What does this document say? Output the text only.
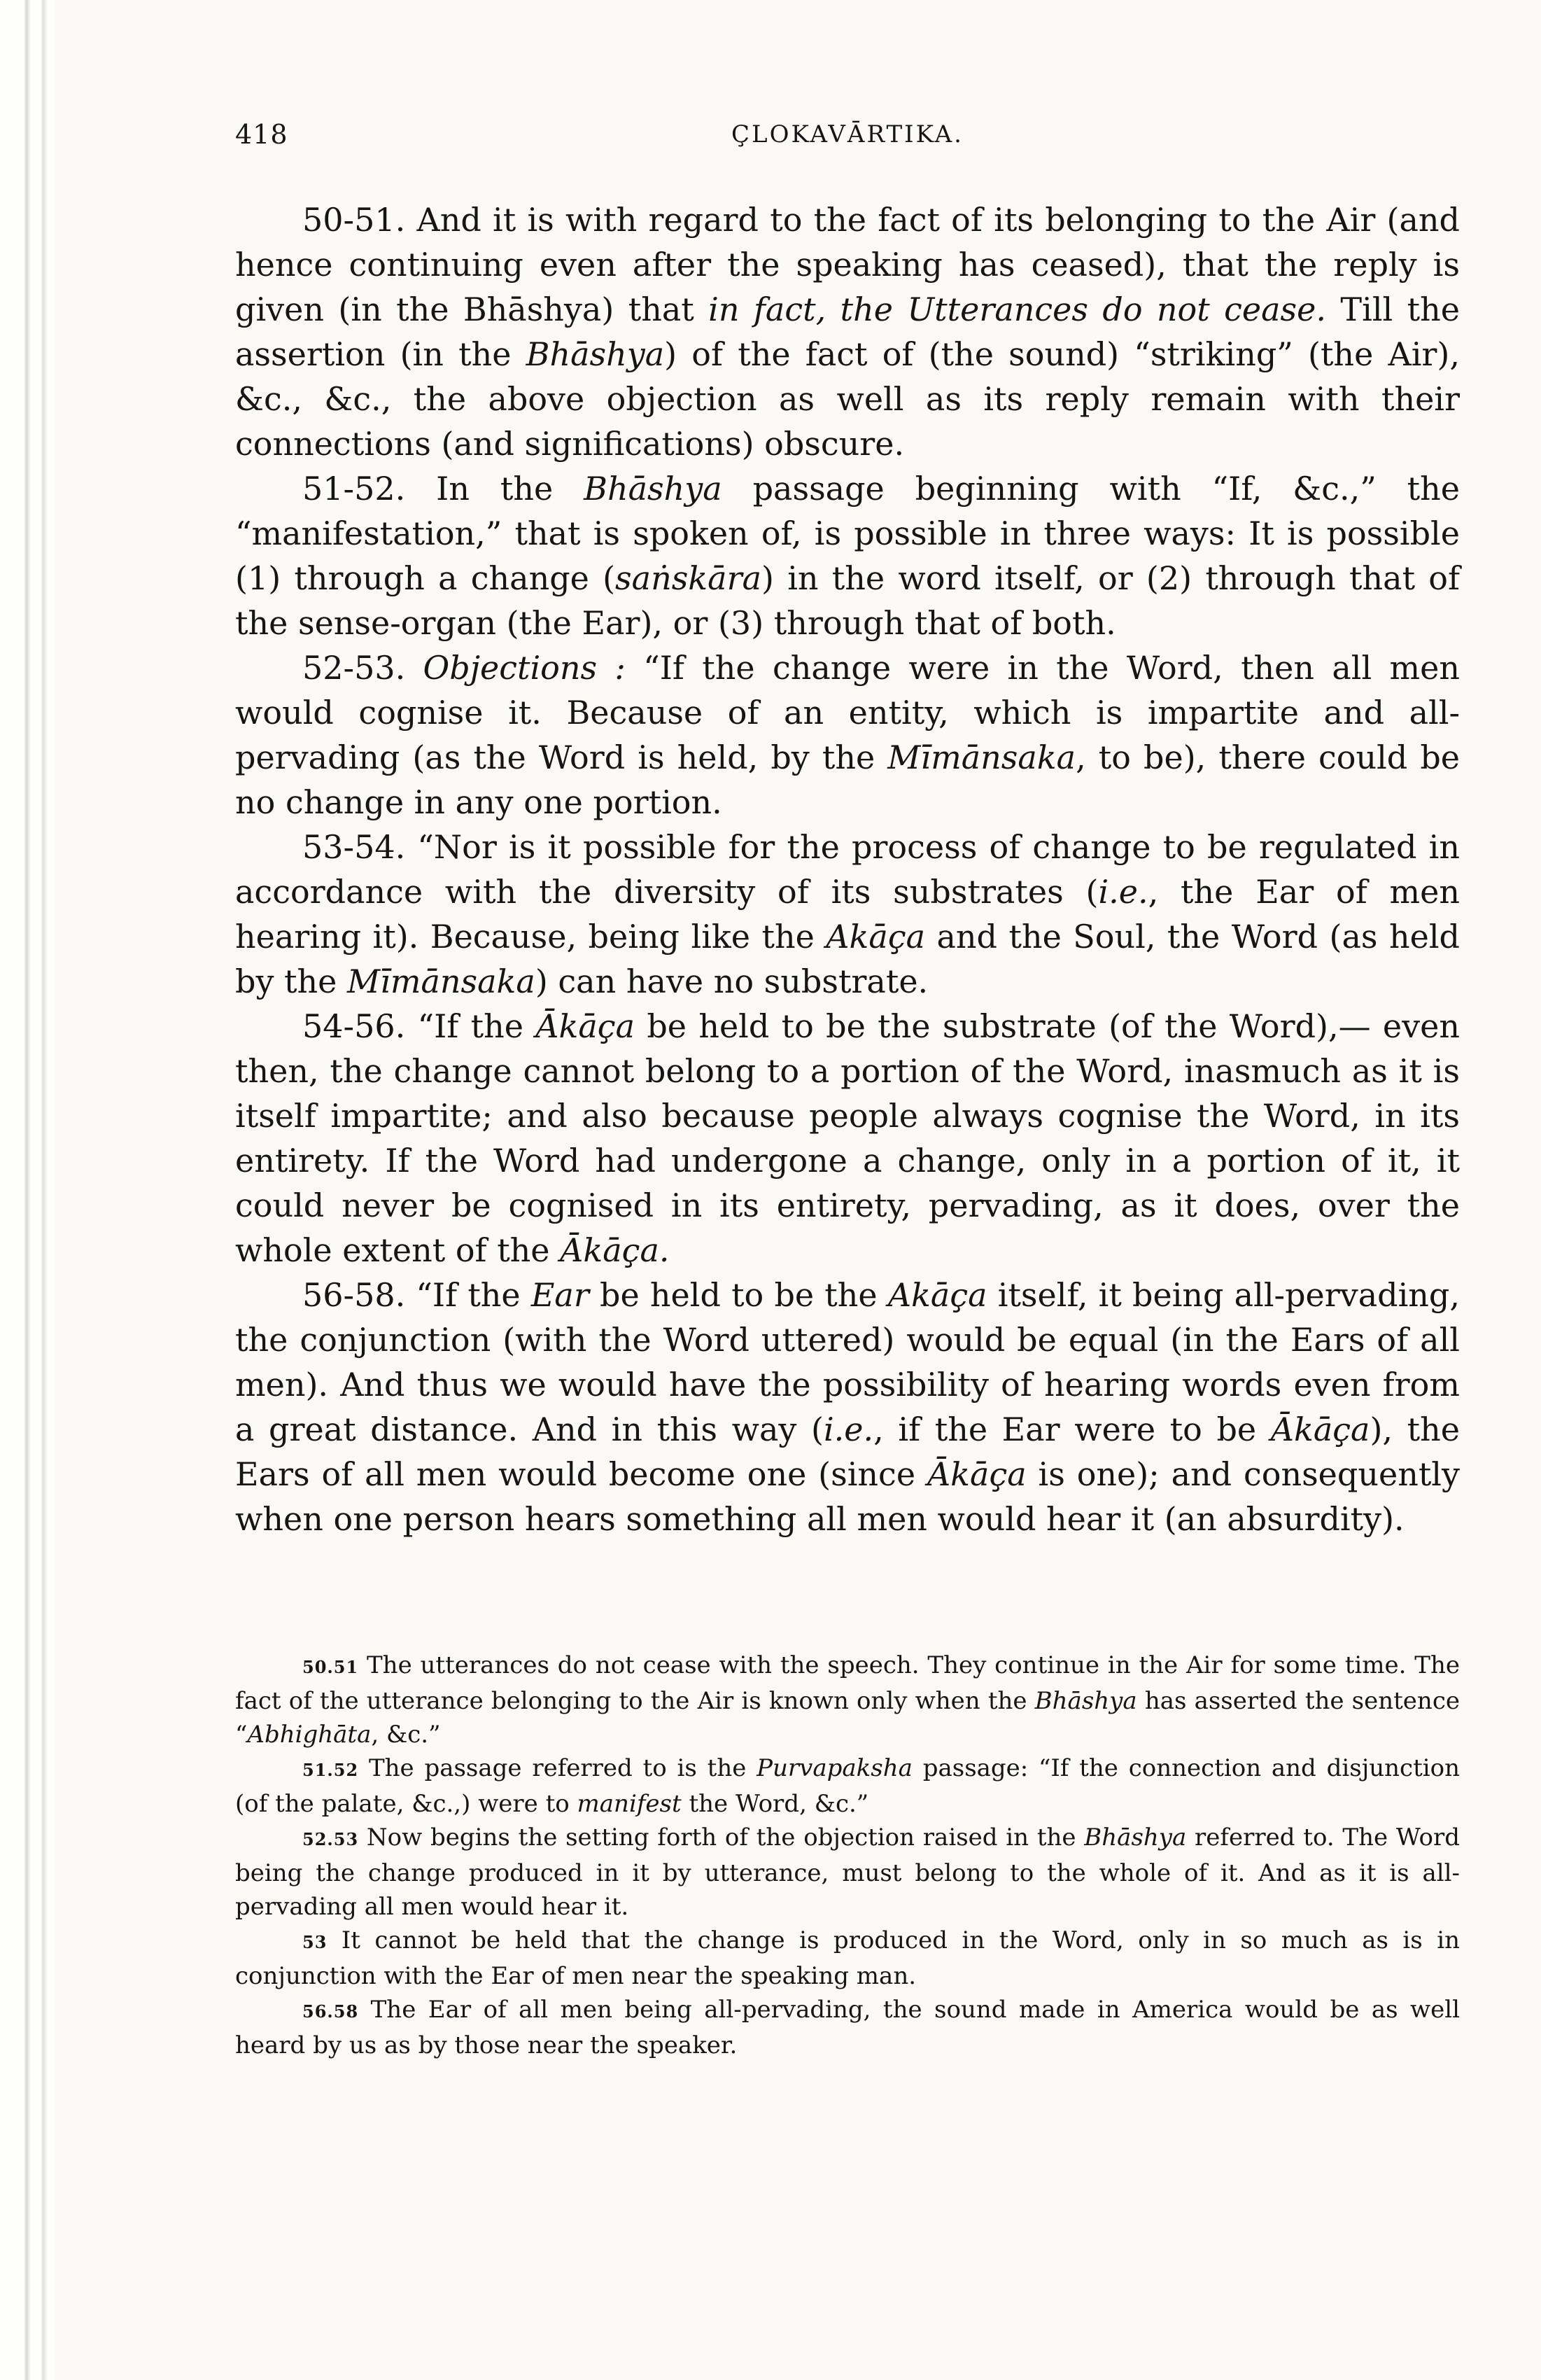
418	ÇLOKAVĀRTIKA.

50-51. And it is with regard to the fact of its belonging to the Air (and hence continuing even after the speaking has ceased), that the reply is given (in the Bhāshya) that in fact, the Utterances do not cease. Till the assertion (in the Bhāshya) of the fact of (the sound) “striking” (the Air), &c., &c., the above objection as well as its reply remain with their connections (and significations) obscure.

51-52. In the Bhāshya passage beginning with “If, &c.,” the “manifestation,” that is spoken of, is possible in three ways: It is possible (1) through a change (saṅskāra) in the word itself, or (2) through that of the sense-organ (the Ear), or (3) through that of both.

52-53. Objections : “If the change were in the Word, then all men would cognise it. Because of an entity, which is impartite and all-pervading (as the Word is held, by the Mīmānsaka, to be), there could be no change in any one portion.

53-54. “Nor is it possible for the process of change to be regulated in accordance with the diversity of its substrates (i.e., the Ear of men hearing it). Because, being like the Akāça and the Soul, the Word (as held by the Mīmānsaka) can have no substrate.

54-56. “If the Ākāça be held to be the substrate (of the Word),— even then, the change cannot belong to a portion of the Word, inasmuch as it is itself impartite; and also because people always cognise the Word, in its entirety. If the Word had undergone a change, only in a portion of it, it could never be cognised in its entirety, pervading, as it does, over the whole extent of the Ākāça.

56-58. “If the Ear be held to be the Akāça itself, it being all-pervading, the conjunction (with the Word uttered) would be equal (in the Ears of all men). And thus we would have the possibility of hearing words even from a great distance. And in this way (i.e., if the Ear were to be Ākāça), the Ears of all men would become one (since Ākāça is one); and consequently when one person hears something all men would hear it (an absurdity).

50.51 The utterances do not cease with the speech. They continue in the Air for some time. The fact of the utterance belonging to the Air is known only when the Bhāshya has asserted the sentence “Abhighāta, &c.”

51.52 The passage referred to is the Purvapaksha passage: “If the connection and disjunction (of the palate, &c.,) were to manifest the Word, &c.”

52.53 Now begins the setting forth of the objection raised in the Bhāshya referred to. The Word being the change produced in it by utterance, must belong to the whole of it. And as it is all-pervading all men would hear it.

53 It cannot be held that the change is produced in the Word, only in so much as is in conjunction with the Ear of men near the speaking man.

56.58 The Ear of all men being all-pervading, the sound made in America would be as well heard by us as by those near the speaker.
